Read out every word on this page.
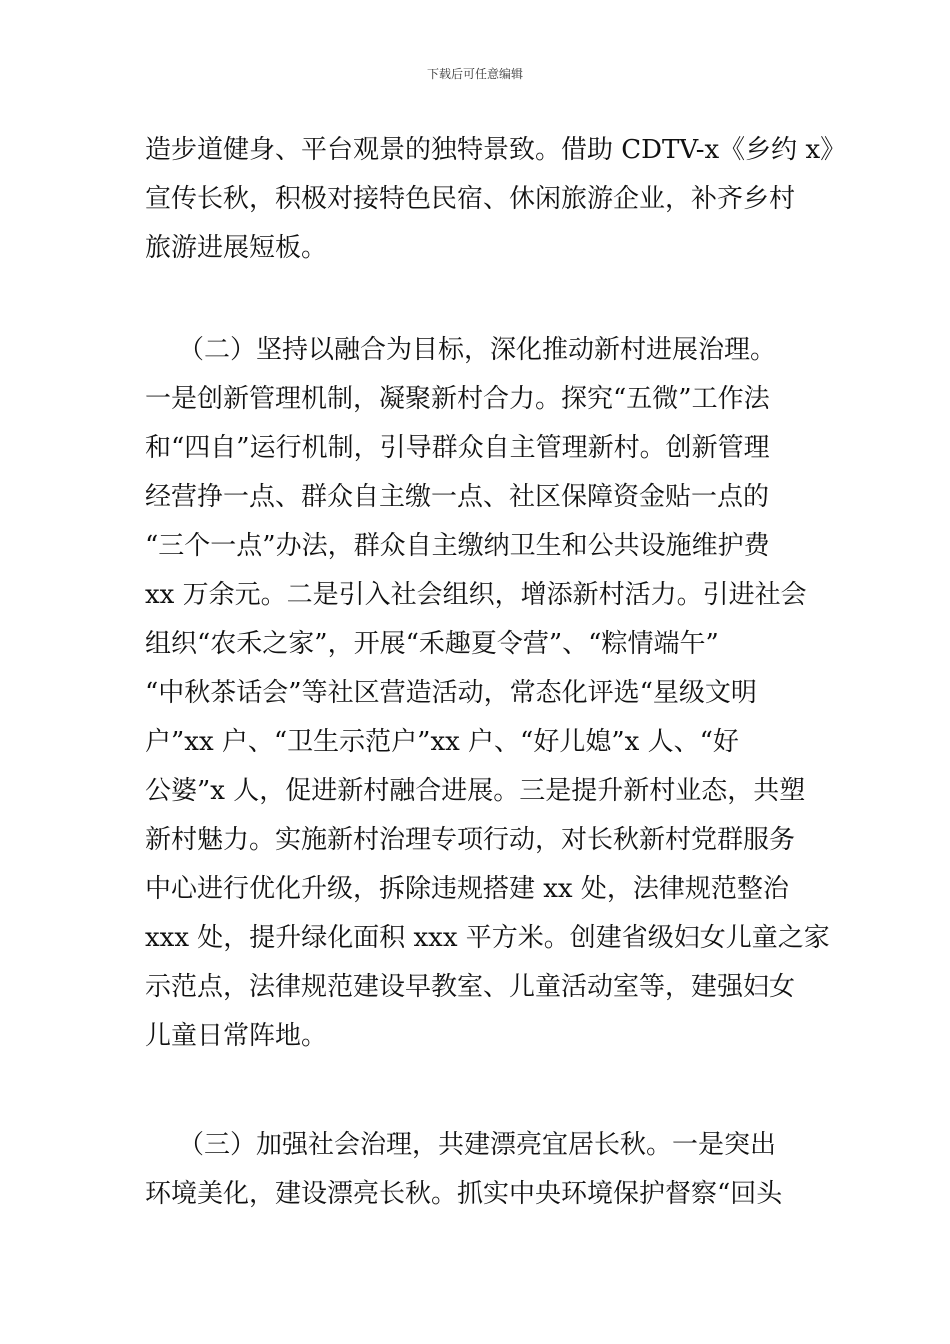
下载后可任意编辑
造步道健身、平台观景的独特景致。借助 CDTV-x《乡约 x》
宣传长秋，积极对接特色民宿、休闲旅游企业，补齐乡村
旅游进展短板。
（二）坚持以融合为目标，深化推动新村进展治理。
一是创新管理机制，凝聚新村合力。探究“五微”工作法
和“四自”运行机制，引导群众自主管理新村。创新管理
经营挣一点、群众自主缴一点、社区保障资金贴一点的
“三个一点”办法，群众自主缴纳卫生和公共设施维护费
xx 万余元。二是引入社会组织，增添新村活力。引进社会
组织“农禾之家”，开展“禾趣夏令营”、“粽情端午”
“中秋茶话会”等社区营造活动，常态化评选“星级文明
户”xx 户、“卫生示范户”xx 户、“好儿媳”x 人、“好
公婆”x 人，促进新村融合进展。三是提升新村业态，共塑
新村魅力。实施新村治理专项行动，对长秋新村党群服务
中心进行优化升级，拆除违规搭建 xx 处，法律规范整治
xxx 处，提升绿化面积 xxx 平方米。创建省级妇女儿童之家
示范点，法律规范建设早教室、儿童活动室等，建强妇女
儿童日常阵地。
（三）加强社会治理，共建漂亮宜居长秋。一是突出
环境美化，建设漂亮长秋。抓实中央环境保护督察“回头
